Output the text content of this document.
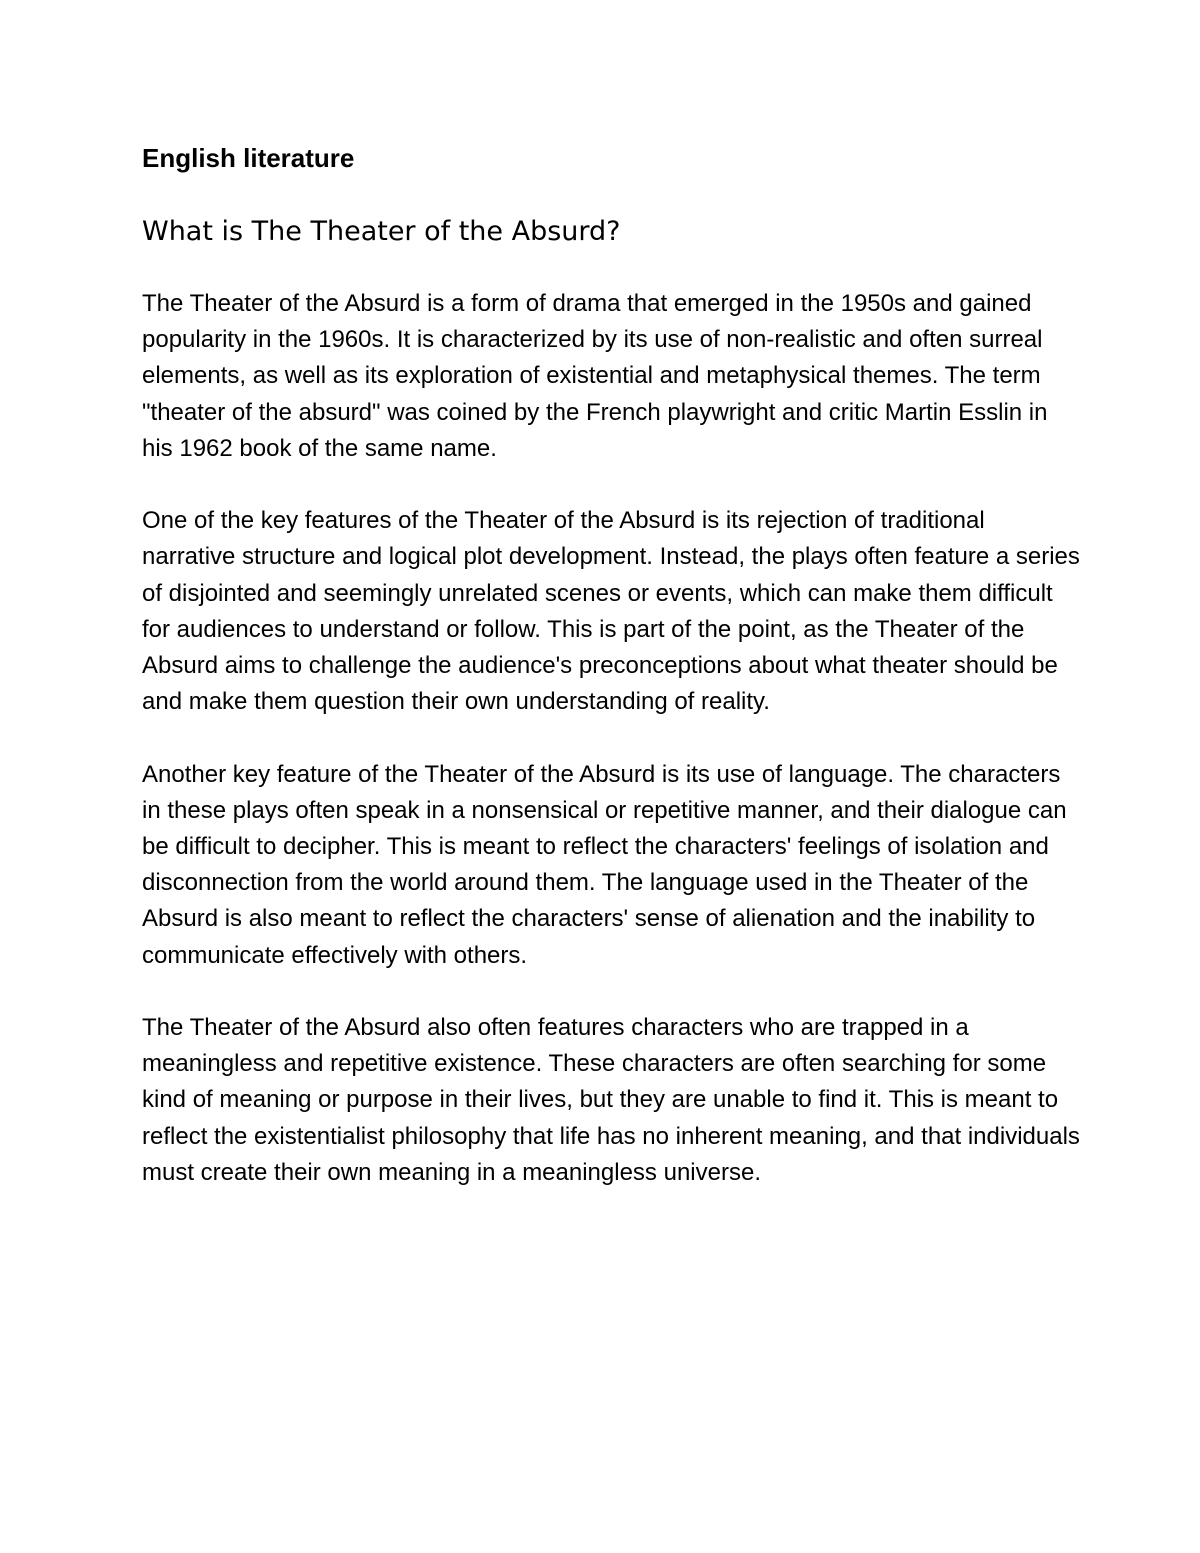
English literature
What is The Theater of the Absurd?

The Theater of the Absurd is a form of drama that emerged in the 1950s and gained popularity in the 1960s. It is characterized by its use of non-realistic and often surreal elements, as well as its exploration of existential and metaphysical themes. The term "theater of the absurd" was coined by the French playwright and critic Martin Esslin in his 1962 book of the same name.

One of the key features of the Theater of the Absurd is its rejection of traditional narrative structure and logical plot development. Instead, the plays often feature a series of disjointed and seemingly unrelated scenes or events, which can make them difficult for audiences to understand or follow. This is part of the point, as the Theater of the Absurd aims to challenge the audience's preconceptions about what theater should be and make them question their own understanding of reality.

Another key feature of the Theater of the Absurd is its use of language. The characters in these plays often speak in a nonsensical or repetitive manner, and their dialogue can be difficult to decipher. This is meant to reflect the characters' feelings of isolation and disconnection from the world around them. The language used in the Theater of the Absurd is also meant to reflect the characters' sense of alienation and the inability to communicate effectively with others.

The Theater of the Absurd also often features characters who are trapped in a meaningless and repetitive existence. These characters are often searching for some kind of meaning or purpose in their lives, but they are unable to find it. This is meant to reflect the existentialist philosophy that life has no inherent meaning, and that individuals must create their own meaning in a meaningless universe.
